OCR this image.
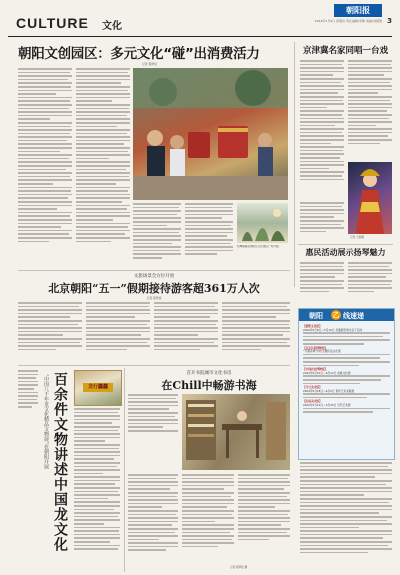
朝阳报
2024年5月9日 星期四 责任编辑/李静 美编/刘园园 3
CULTURE 文化
朝阳文创园区：多元文化“碰”出消费活力
记者 程梦瑶
热舞朗诵在朝阳区文化园区广场开展。
京津冀名家同唱一台戏
记者 王蕾摄
惠民活动展示扬琴魅力
文旅场景全方位开放
北京朝阳“五一”假期接待游客超361万人次
记者 程梦瑶
朝阳 乙 线速递
【朝阳文化馆】
2024年5月9日—5月19日 非遗展览周末亲子活动
【北京民俗博物馆】
“月满京城”中秋主题民俗文化展
【中国农业博物馆】
2024年5月10日—6月12日 农耕文化展
【今日美术馆】
2024年5月18日—6月2日 青年艺术家联展
【红砖美术馆】
2024年5月10日—5月30日 当代艺术展
“中国八千年龙文化精品文物展”在朝阳开展 百余件文物讲述中国龙文化	龙行龘龘
首开书院城市文化书房
在Chill中畅游书海
记者 程梦瑶 摄
